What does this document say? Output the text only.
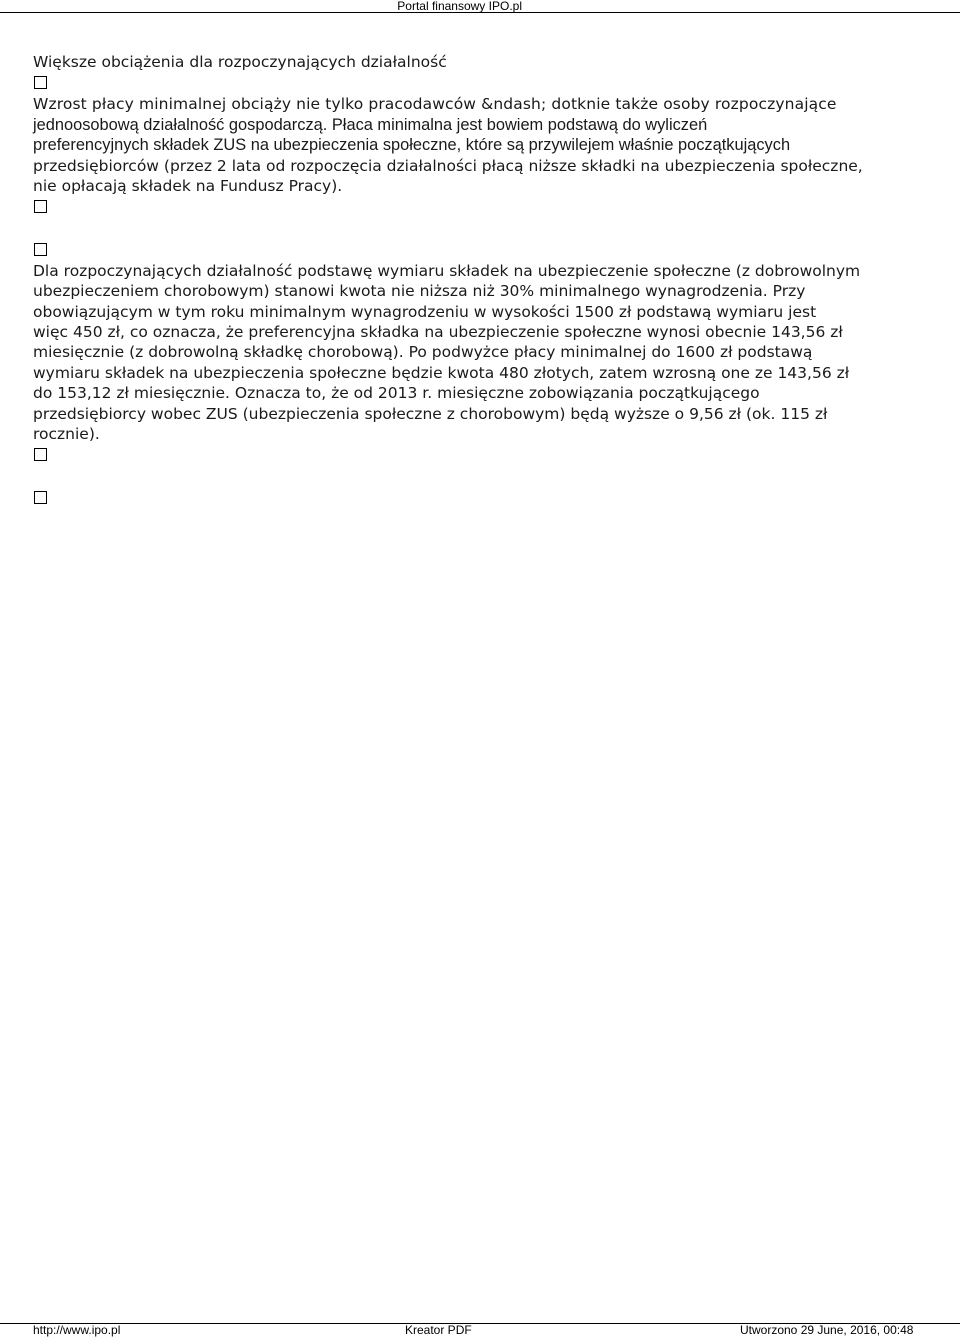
Portal finansowy IPO.pl

Większe obciążenia dla rozpoczynających działalność

Wzrost płacy minimalnej obciąży nie tylko pracodawców &ndash; dotknie także osoby rozpoczynające

jednoosobową działalność gospodarczą. Płaca minimalna jest bowiem podstawą do wyliczeń

preferencyjnych składek ZUS na ubezpieczenia społeczne, które są przywilejem właśnie początkujących

przedsiębiorców (przez 2 lata od rozpoczęcia działalności płacą niższe składki na ubezpieczenia społeczne,

nie opłacają składek na Fundusz Pracy).

Dla rozpoczynających działalność podstawę wymiaru składek na ubezpieczenie społeczne (z dobrowolnym

ubezpieczeniem chorobowym) stanowi kwota nie niższa niż 30% minimalnego wynagrodzenia. Przy

obowiązującym w tym roku minimalnym wynagrodzeniu w wysokości 1500 zł podstawą wymiaru jest

więc 450 zł, co oznacza, że preferencyjna składka na ubezpieczenie społeczne wynosi obecnie 143,56 zł

miesięcznie (z dobrowolną składkę chorobową). Po podwyżce płacy minimalnej do 1600 zł podstawą

wymiaru składek na ubezpieczenia społeczne będzie kwota 480 złotych, zatem wzrosną one ze 143,56 zł

do 153,12 zł miesięcznie. Oznacza to, że od 2013 r. miesięczne zobowiązania początkującego

przedsiębiorcy wobec ZUS (ubezpieczenia społeczne z chorobowym) będą wyższe o 9,56 zł (ok. 115 zł

rocznie).

http://www.ipo.pl	Kreator PDF	Utworzono 29 June, 2016, 00:48
